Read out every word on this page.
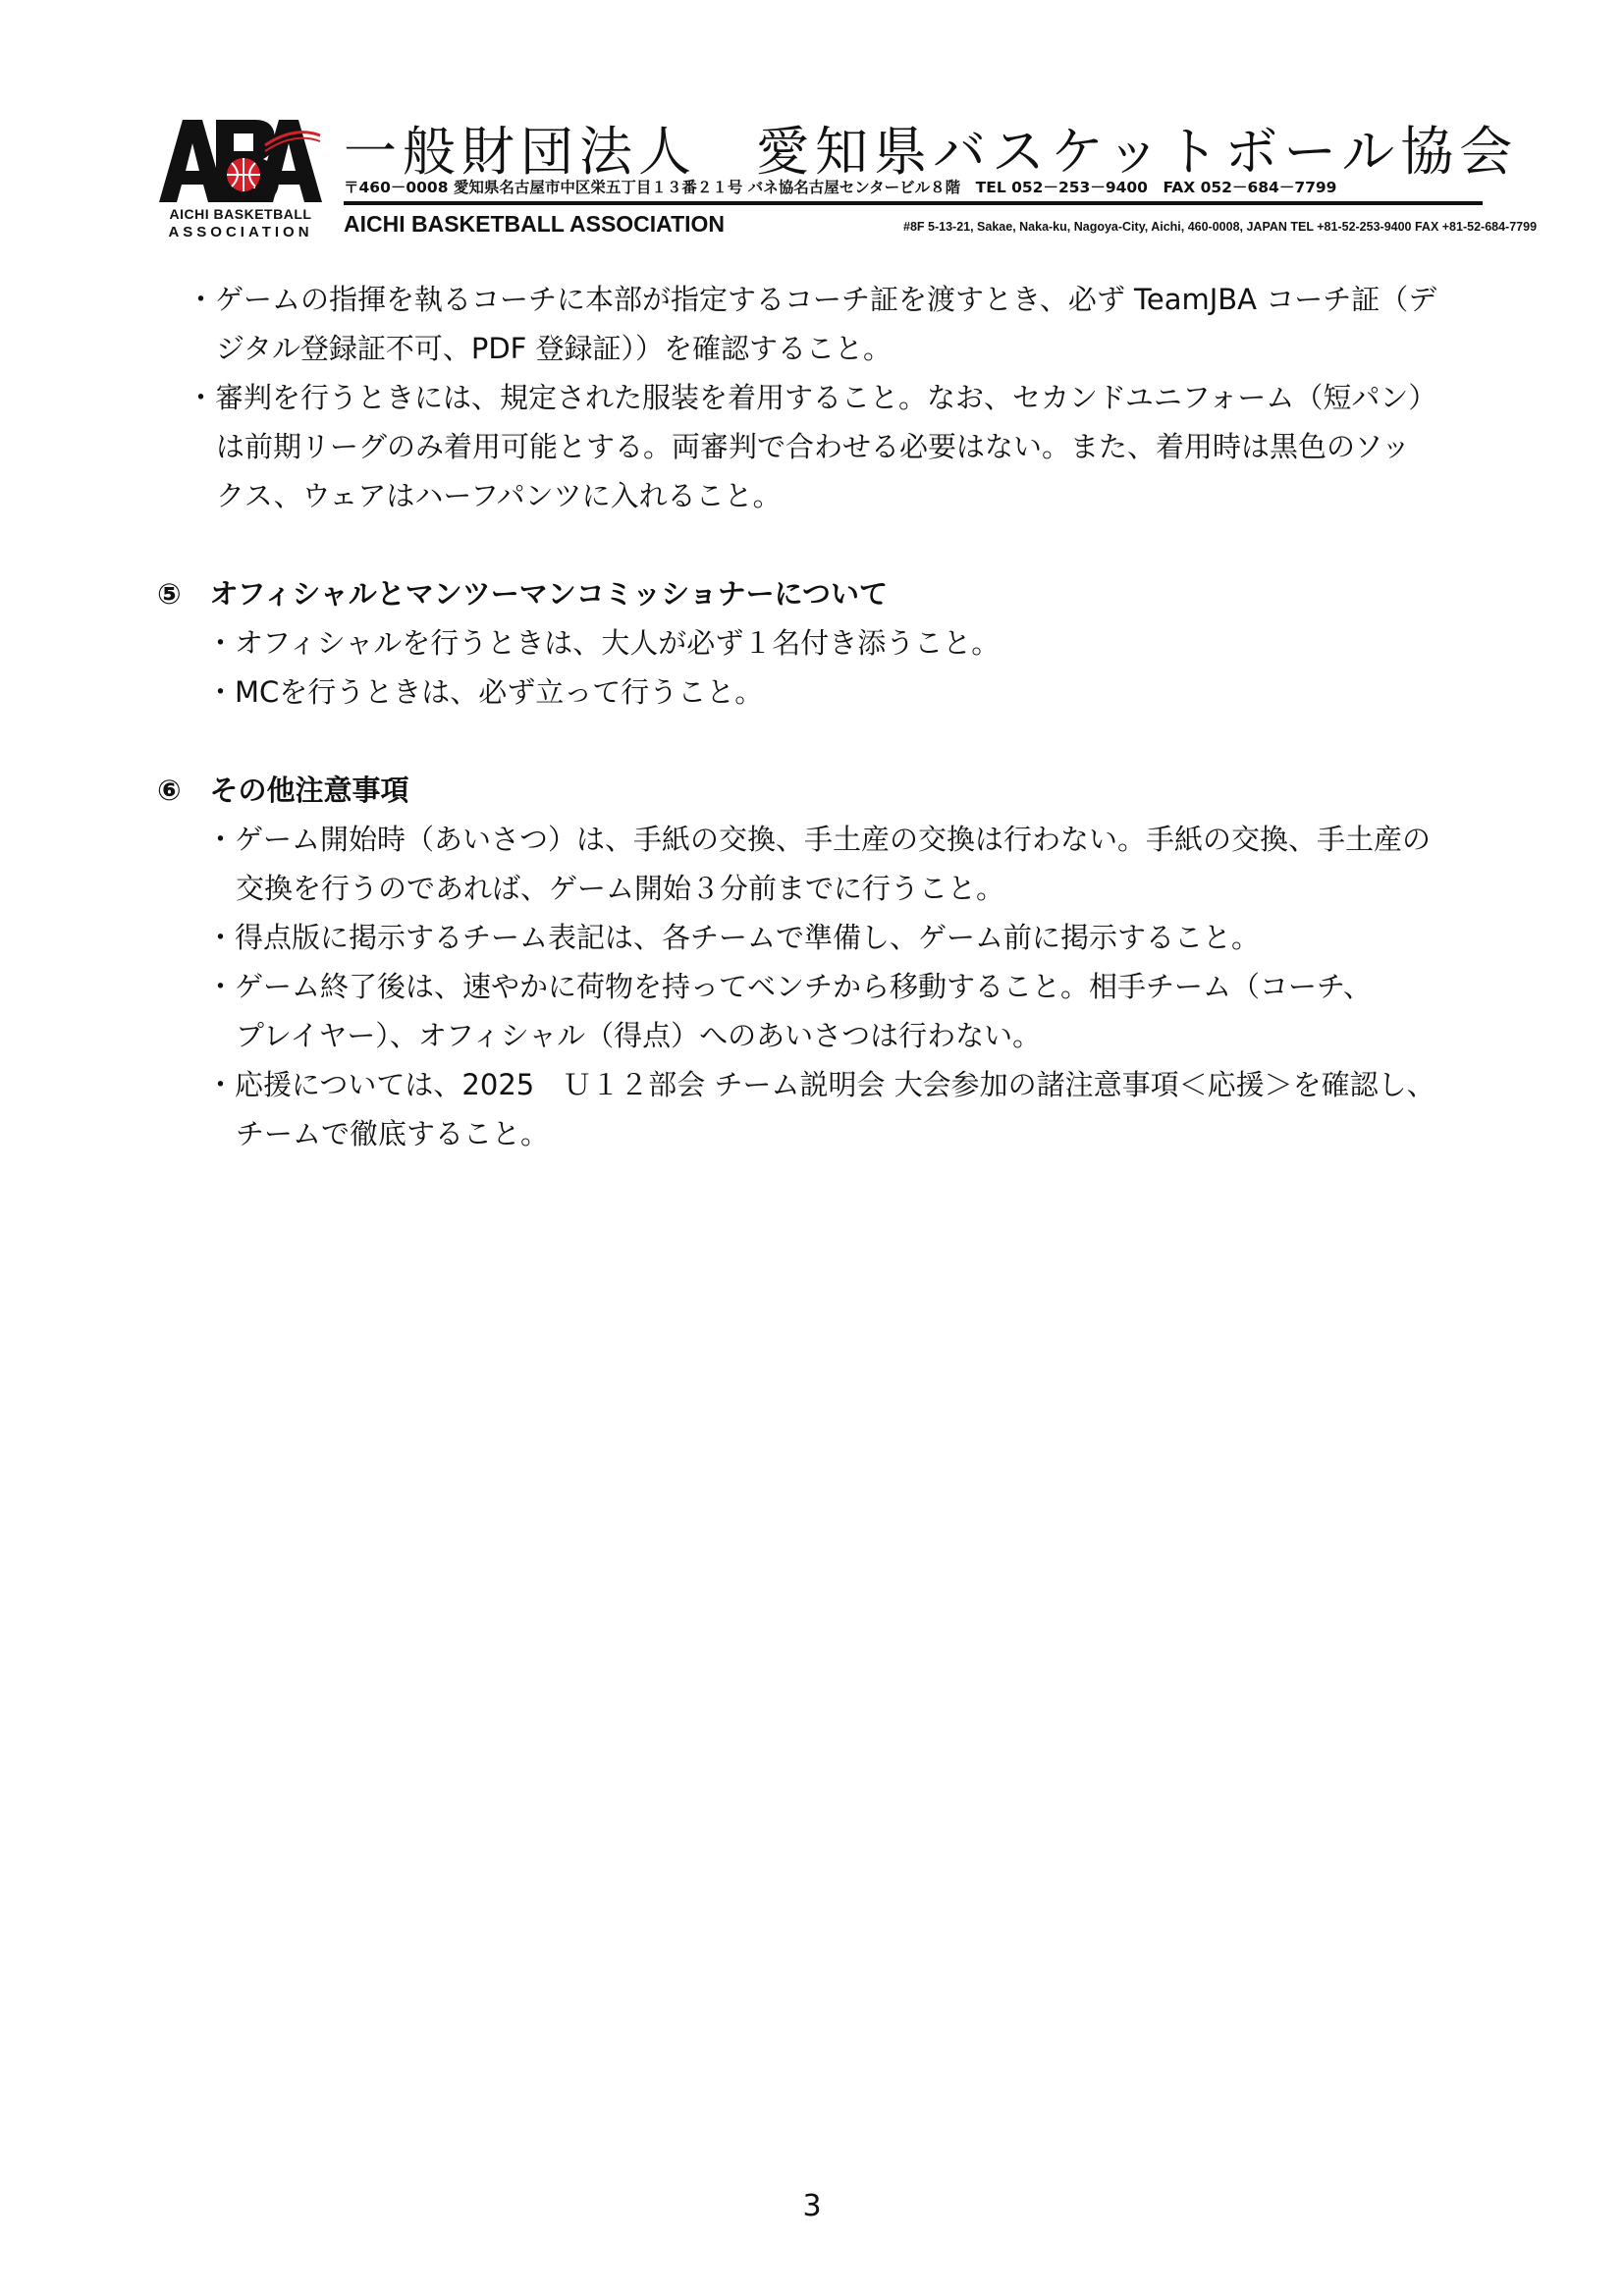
AICHI BASKETBALL
ASSOCIATION
一般財団法人　愛知県バスケットボール協会
〒460－0008 愛知県名古屋市中区栄五丁目１３番２１号 バネ協名古屋センタービル８階　TEL 052－253－9400　FAX 052－684－7799
AICHI BASKETBALL ASSOCIATION	#8F 5-13-21, Sakae, Naka-ku, Nagoya-City, Aichi, 460-0008, JAPAN TEL +81-52-253-9400 FAX +81-52-684-7799
・ゲームの指揮を執るコーチに本部が指定するコーチ証を渡すとき、必ず TeamJBA コーチ証（デ
ジタル登録証不可、PDF 登録証））を確認すること。
・審判を行うときには、規定された服装を着用すること。なお、セカンドユニフォーム（短パン）
は前期リーグのみ着用可能とする。両審判で合わせる必要はない。また、着用時は黒色のソッ
クス、ウェアはハーフパンツに入れること。
⑤　オフィシャルとマンツーマンコミッショナーについて
・オフィシャルを行うときは、大人が必ず１名付き添うこと。
・MCを行うときは、必ず立って行うこと。
⑥　その他注意事項
・ゲーム開始時（あいさつ）は、手紙の交換、手土産の交換は行わない。手紙の交換、手土産の
交換を行うのであれば、ゲーム開始３分前までに行うこと。
・得点版に掲示するチーム表記は、各チームで準備し、ゲーム前に掲示すること。
・ゲーム終了後は、速やかに荷物を持ってベンチから移動すること。相手チーム（コーチ、
プレイヤー）、オフィシャル（得点）へのあいさつは行わない。
・応援については、2025　Ｕ１２部会 チーム説明会 大会参加の諸注意事項＜応援＞を確認し、
チームで徹底すること。
3
